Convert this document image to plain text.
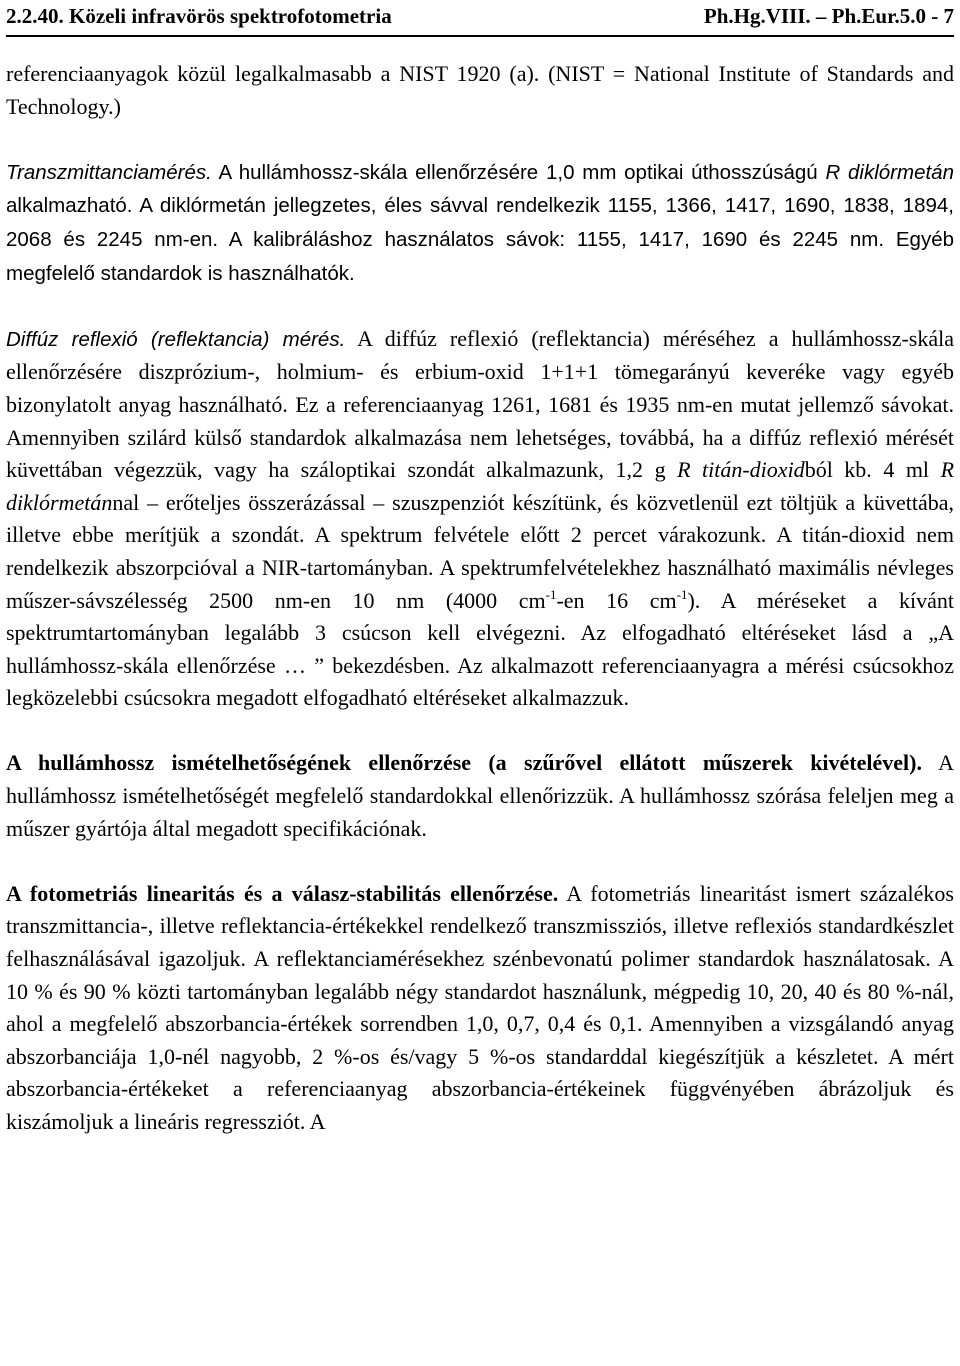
2.2.40. Közeli infravörös spektrofotometria	Ph.Hg.VIII. – Ph.Eur.5.0 - 7

referenciaanyagok közül legalkalmasabb a NIST 1920 (a). (NIST = National Institute of Standards and Technology.)

Transzmittanciamérés. A hullámhossz-skála ellenőrzésére 1,0 mm optikai úthosszúságú R diklórmetán alkalmazható. A diklórmetán jellegzetes, éles sávval rendelkezik 1155, 1366, 1417, 1690, 1838, 1894, 2068 és 2245 nm-en. A kalibráláshoz használatos sávok: 1155, 1417, 1690 és 2245 nm. Egyéb megfelelő standardok is használhatók.

Diffúz reflexió (reflektancia) mérés. A diffúz reflexió (reflektancia) méréséhez a hullámhossz-skála ellenőrzésére diszprózium-, holmium- és erbium-oxid 1+1+1 tömegarányú keveréke vagy egyéb bizonylatolt anyag használható. Ez a referenciaanyag 1261, 1681 és 1935 nm-en mutat jellemző sávokat. Amennyiben szilárd külső standardok alkalmazása nem lehetséges, továbbá, ha a diffúz reflexió mérését küvettában végezzük, vagy ha száloptikai szondát alkalmazunk, 1,2 g R titán-dioxidból kb. 4 ml R diklórmetánnal – erőteljes összerázással – szuszpenziót készítünk, és közvetlenül ezt töltjük a küvettába, illetve ebbe merítjük a szondát. A spektrum felvétele előtt 2 percet várakozunk. A titán-dioxid nem rendelkezik abszorpcióval a NIR-tartományban. A spektrumfelvételekhez használható maximális névleges műszer-sávszélesség 2500 nm-en 10 nm (4000 $cm^{-1}-en$ 16 $cm^{-1}$). A méréseket a kívánt spektrumtartományban legalább 3 csúcson kell elvégezni. Az elfogadható eltéréseket lásd a „A hullámhossz-skála ellenőrzése … ” bekezdésben. Az alkalmazott referenciaanyagra a mérési csúcsokhoz legközelebbi csúcsokra megadott elfogadható eltéréseket alkalmazzuk.

A hullámhossz ismételhetőségének ellenőrzése (a szűrővel ellátott műszerek kivételével). A hullámhossz ismételhetőségét megfelelő standardokkal ellenőrizzük. A hullámhossz szórása feleljen meg a műszer gyártója által megadott specifikációnak.

A fotometriás linearitás és a válasz-stabilitás ellenőrzése. A fotometriás linearitást ismert százalékos transzmittancia-, illetve reflektancia-értékekkel rendelkező transzmissziós, illetve reflexiós standardkészlet felhasználásával igazoljuk. A reflektanciamérésekhez szénbevonatú polimer standardok használatosak. A 10 % és 90 % közti tartományban legalább négy standardot használunk, mégpedig 10, 20, 40 és 80 %-nál, ahol a megfelelő abszorbancia-értékek sorrendben 1,0, 0,7, 0,4 és 0,1. Amennyiben a vizsgálandó anyag abszorbanciája 1,0-nél nagyobb, 2 %-os és/vagy 5 %-os standarddal kiegészítjük a készletet. A mért abszorbancia-értékeket a referenciaanyag abszorbancia-értékeinek függvényében ábrázoljuk és kiszámoljuk a lineáris regressziót. A
